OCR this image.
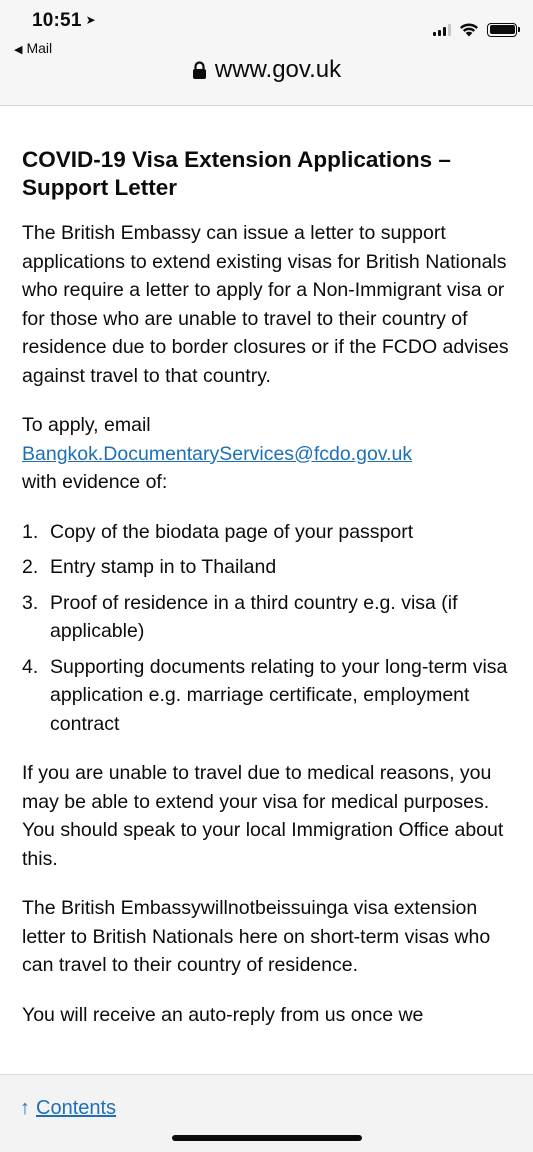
10:51 ➤
◀ Mail
www.gov.uk
COVID-19 Visa Extension Applications – Support Letter

The British Embassy can issue a letter to support applications to extend existing visas for British Nationals who require a letter to apply for a Non-Immigrant visa or for those who are unable to travel to their country of residence due to border closures or if the FCDO advises against travel to that country.

To apply, email
Bangkok.DocumentaryServices@fcdo.gov.uk
with evidence of:

1. Copy of the biodata page of your passport
2. Entry stamp in to Thailand
3. Proof of residence in a third country e.g. visa (if applicable)
4. Supporting documents relating to your long-term visa application e.g. marriage certificate, employment contract

If you are unable to travel due to medical reasons, you may be able to extend your visa for medical purposes. You should speak to your local Immigration Office about this.

The British Embassywillnotbeissuinga visa extension letter to British Nationals here on short-term visas who can travel to their country of residence.

You will receive an auto-reply from us once we

↑ Contents
